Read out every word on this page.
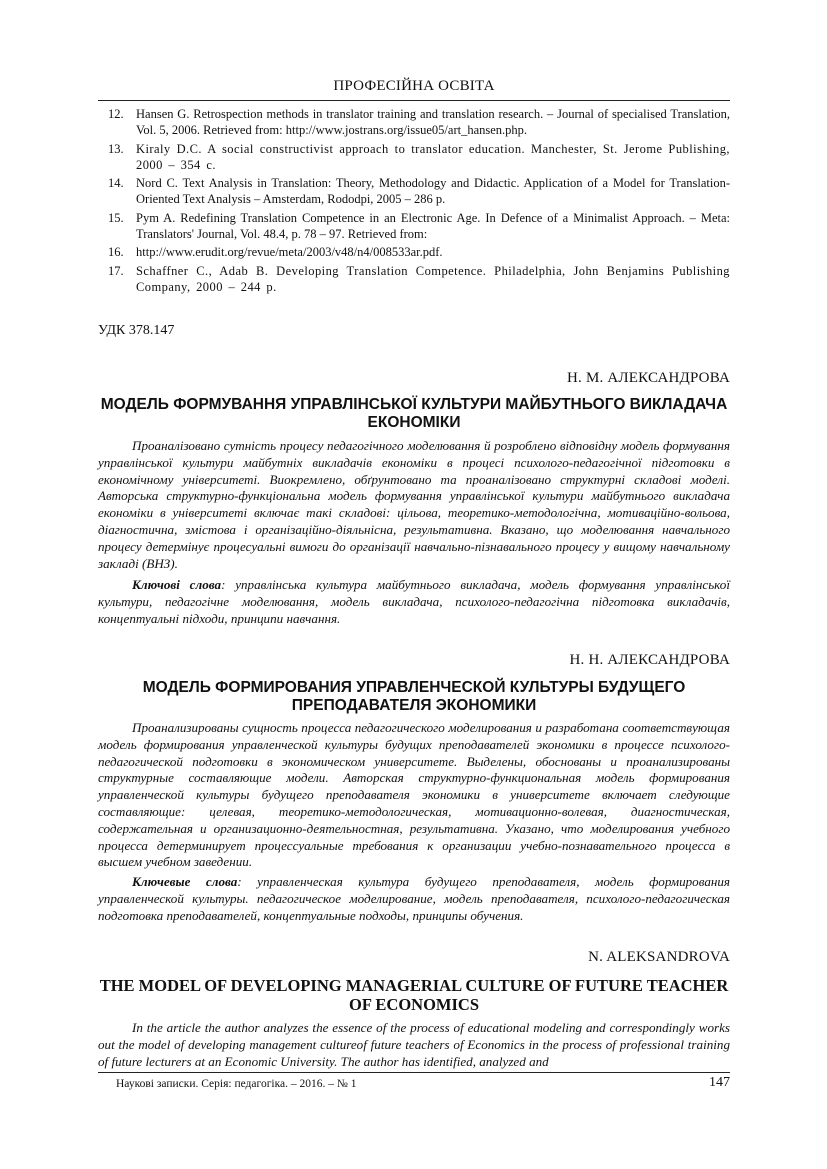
ПРОФЕСІЙНА ОСВІТА
12. Hansen G. Retrospection methods in translator training and translation research. – Journal of specialised Translation, Vol. 5, 2006. Retrieved from: http://www.jostrans.org/issue05/art_hansen.php.
13. Kiraly D.C. A social constructivist approach to translator education. Manchester, St. Jerome Publishing, 2000 – 354 с.
14. Nord C. Text Analysis in Translation: Theory, Methodology and Didactic. Application of a Model for Translation-Oriented Text Analysis – Amsterdam, Rododpi, 2005 – 286 p.
15. Pym A. Redefining Translation Competence in an Electronic Age. In Defence of a Minimalist Approach. – Meta: Translators' Journal, Vol. 48.4, p. 78 – 97. Retrieved from:
16. http://www.erudit.org/revue/meta/2003/v48/n4/008533ar.pdf.
17. Schaffner C., Adab B. Developing Translation Competence. Philadelphia, John Benjamins Publishing Company, 2000 – 244 p.
УДК 378.147
Н. М. АЛЕКСАНДРОВА
МОДЕЛЬ ФОРМУВАННЯ УПРАВЛІНСЬКОЇ КУЛЬТУРИ МАЙБУТНЬОГО ВИКЛАДАЧА ЕКОНОМІКИ

Проаналізовано сутність процесу педагогічного моделювання й розроблено відповідну модель формування управлінської культури майбутніх викладачів економіки в процесі психолого-педагогічної підготовки в економічному університеті. Виокремлено, обґрунтовано та проаналізовано структурні складові моделі. Авторська структурно-функціональна модель формування управлінської культури майбутнього викладача економіки в університеті включає такі складові: цільова, теоретико-методологічна, мотиваційно-вольова, діагностична, змістова і організаційно-діяльнісна, результативна. Вказано, що моделювання навчального процесу детермінує процесуальні вимоги до організації навчально-пізнавального процесу у вищому навчальному закладі (ВНЗ).

Ключові слова: управлінська культура майбутнього викладача, модель формування управлінської культури, педагогічне моделювання, модель викладача, психолого-педагогічна підготовка викладачів, концептуальні підходи, принципи навчання.

Н. Н. АЛЕКСАНДРОВА
МОДЕЛЬ ФОРМИРОВАНИЯ УПРАВЛЕНЧЕСКОЙ КУЛЬТУРЫ БУДУЩЕГО ПРЕПОДАВАТЕЛЯ ЭКОНОМИКИ

Проанализированы сущность процесса педагогического моделирования и разработана соответствующая модель формирования управленческой культуры будущих преподавателей экономики в процессе психолого-педагогической подготовки в экономическом университете. Выделены, обоснованы и проанализированы структурные составляющие модели. Авторская структурно-функциональная модель формирования управленческой культуры будущего преподавателя экономики в университете включает следующие составляющие: целевая, теоретико-методологическая, мотивационно-волевая, диагностическая, содержательная и организационно-деятельностная, результативна. Указано, что моделирования учебного процесса детерминирует процессуальные требования к организации учебно-познавательного процесса в высшем учебном заведении.

Ключевые слова: управленческая культура будущего преподавателя, модель формирования управленческой культуры. педагогическое моделирование, модель преподавателя, психолого-педагогическая подготовка преподавателей, концептуальные подходы, принципы обучения.

N. ALEKSANDROVA
THE MODEL OF DEVELOPING MANAGERIAL CULTURE OF FUTURE TEACHER OF ECONOMICS

In the article the author analyzes the essence of the process of educational modeling and correspondingly works out the model of developing management cultureof future teachers of Economics in the process of professional training of future lecturers at an Economic University. The author has identified, analyzed and

Наукові записки. Серія: педагогіка. – 2016. – № 1	147
